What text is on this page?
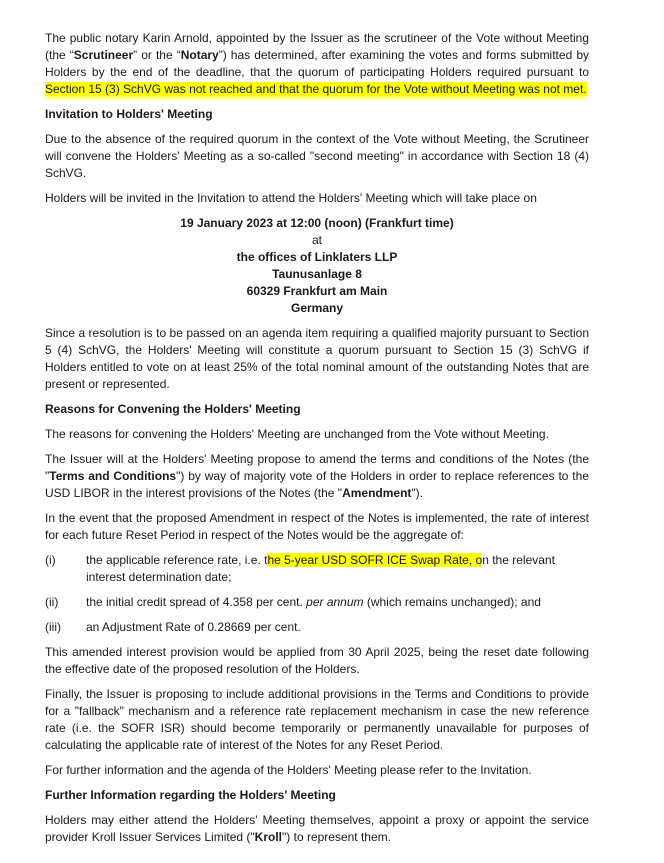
The public notary Karin Arnold, appointed by the Issuer as the scrutineer of the Vote without Meeting (the “Scrutineer” or the “Notary”) has determined, after examining the votes and forms submitted by Holders by the end of the deadline, that the quorum of participating Holders required pursuant to Section 15 (3) SchVG was not reached and that the quorum for the Vote without Meeting was not met.

Invitation to Holders' Meeting

Due to the absence of the required quorum in the context of the Vote without Meeting, the Scrutineer will convene the Holders' Meeting as a so-called "second meeting" in accordance with Section 18 (4) SchVG.

Holders will be invited in the Invitation to attend the Holders' Meeting which will take place on

19 January 2023 at 12:00 (noon) (Frankfurt time)
at
the offices of Linklaters LLP
Taunusanlage 8
60329 Frankfurt am Main
Germany

Since a resolution is to be passed on an agenda item requiring a qualified majority pursuant to Section 5 (4) SchVG, the Holders' Meeting will constitute a quorum pursuant to Section 15 (3) SchVG if Holders entitled to vote on at least 25% of the total nominal amount of the outstanding Notes that are present or represented.

Reasons for Convening the Holders' Meeting

The reasons for convening the Holders' Meeting are unchanged from the Vote without Meeting.

The Issuer will at the Holders' Meeting propose to amend the terms and conditions of the Notes (the "Terms and Conditions") by way of majority vote of the Holders in order to replace references to the USD LIBOR in the interest provisions of the Notes (the "Amendment").

In the event that the proposed Amendment in respect of the Notes is implemented, the rate of interest for each future Reset Period in respect of the Notes would be the aggregate of:

(i)	the applicable reference rate, i.e. the 5-year USD SOFR ICE Swap Rate, on the relevant interest determination date;
(ii)	the initial credit spread of 4.358 per cent. per annum (which remains unchanged); and
(iii)	an Adjustment Rate of 0.28669 per cent.

This amended interest provision would be applied from 30 April 2025, being the reset date following the effective date of the proposed resolution of the Holders.

Finally, the Issuer is proposing to include additional provisions in the Terms and Conditions to provide for a "fallback" mechanism and a reference rate replacement mechanism in case the new reference rate (i.e. the SOFR ISR) should become temporarily or permanently unavailable for purposes of calculating the applicable rate of interest of the Notes for any Reset Period.

For further information and the agenda of the Holders' Meeting please refer to the Invitation.

Further Information regarding the Holders' Meeting

Holders may either attend the Holders' Meeting themselves, appoint a proxy or appoint the service provider Kroll Issuer Services Limited ("Kroll") to represent them.
